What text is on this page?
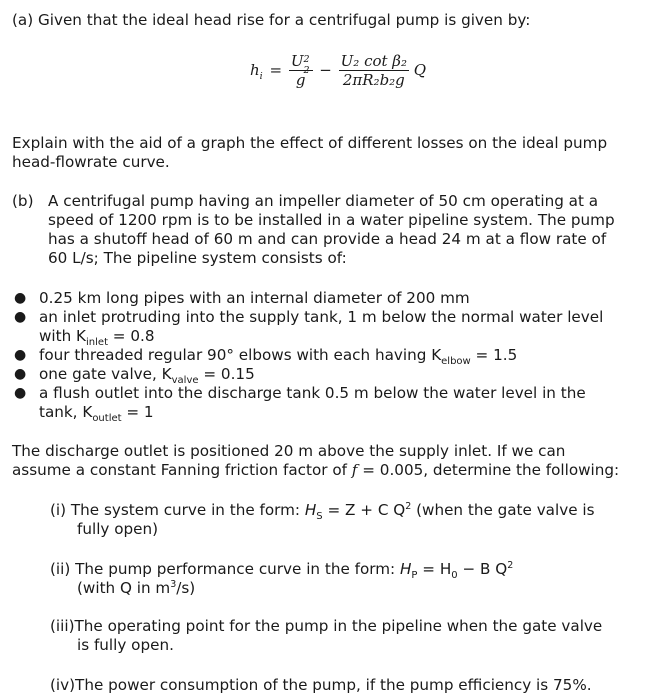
(a) Given that the ideal head rise for a centrifugal pump is given by:
$h_i = U$ 2
2
$g - \frac{\text{U₂ cot β₂}}{\text{2πR₂b₂g}}$ Q
Explain with the aid of a graph the effect of different losses on the ideal pump
head-flowrate curve.
(b) A centrifugal pump having an impeller diameter of 50 cm operating at a
speed of 1200 rpm is to be installed in a water pipeline system. The pump
has a shutoff head of 60 m and can provide a head 24 m at a flow rate of
60 L/s; The pipeline system consists of:
● 0.25 km long pipes with an internal diameter of 200 mm
● an inlet protruding into the supply tank, 1 m below the normal water level
with $K_{inlet} = 0.8$
● four threaded regular 90° elbows with each having $K_{elbow} = 1.5$
● one gate valve, $K_{valve} = 0.15$
● a flush outlet into the discharge tank 0.5 m below the water level in the
tank, $K_{outlet} = 1$
The discharge outlet is positioned 20 m above the supply inlet. If we can
assume a constant Fanning friction factor of f = 0.005, determine the following:
(i) The system curve in the form: $H_S = Z + C$ $Q^2$ (when the gate valve is
fully open)
(ii) The pump performance curve in the form: $H_P = H_0 - B$ $Q^2$
(with Q in $m^3/s$)
(iii)The operating point for the pump in the pipeline when the gate valve
is fully open.
(iv)The power consumption of the pump, if the pump efficiency is 75%.
